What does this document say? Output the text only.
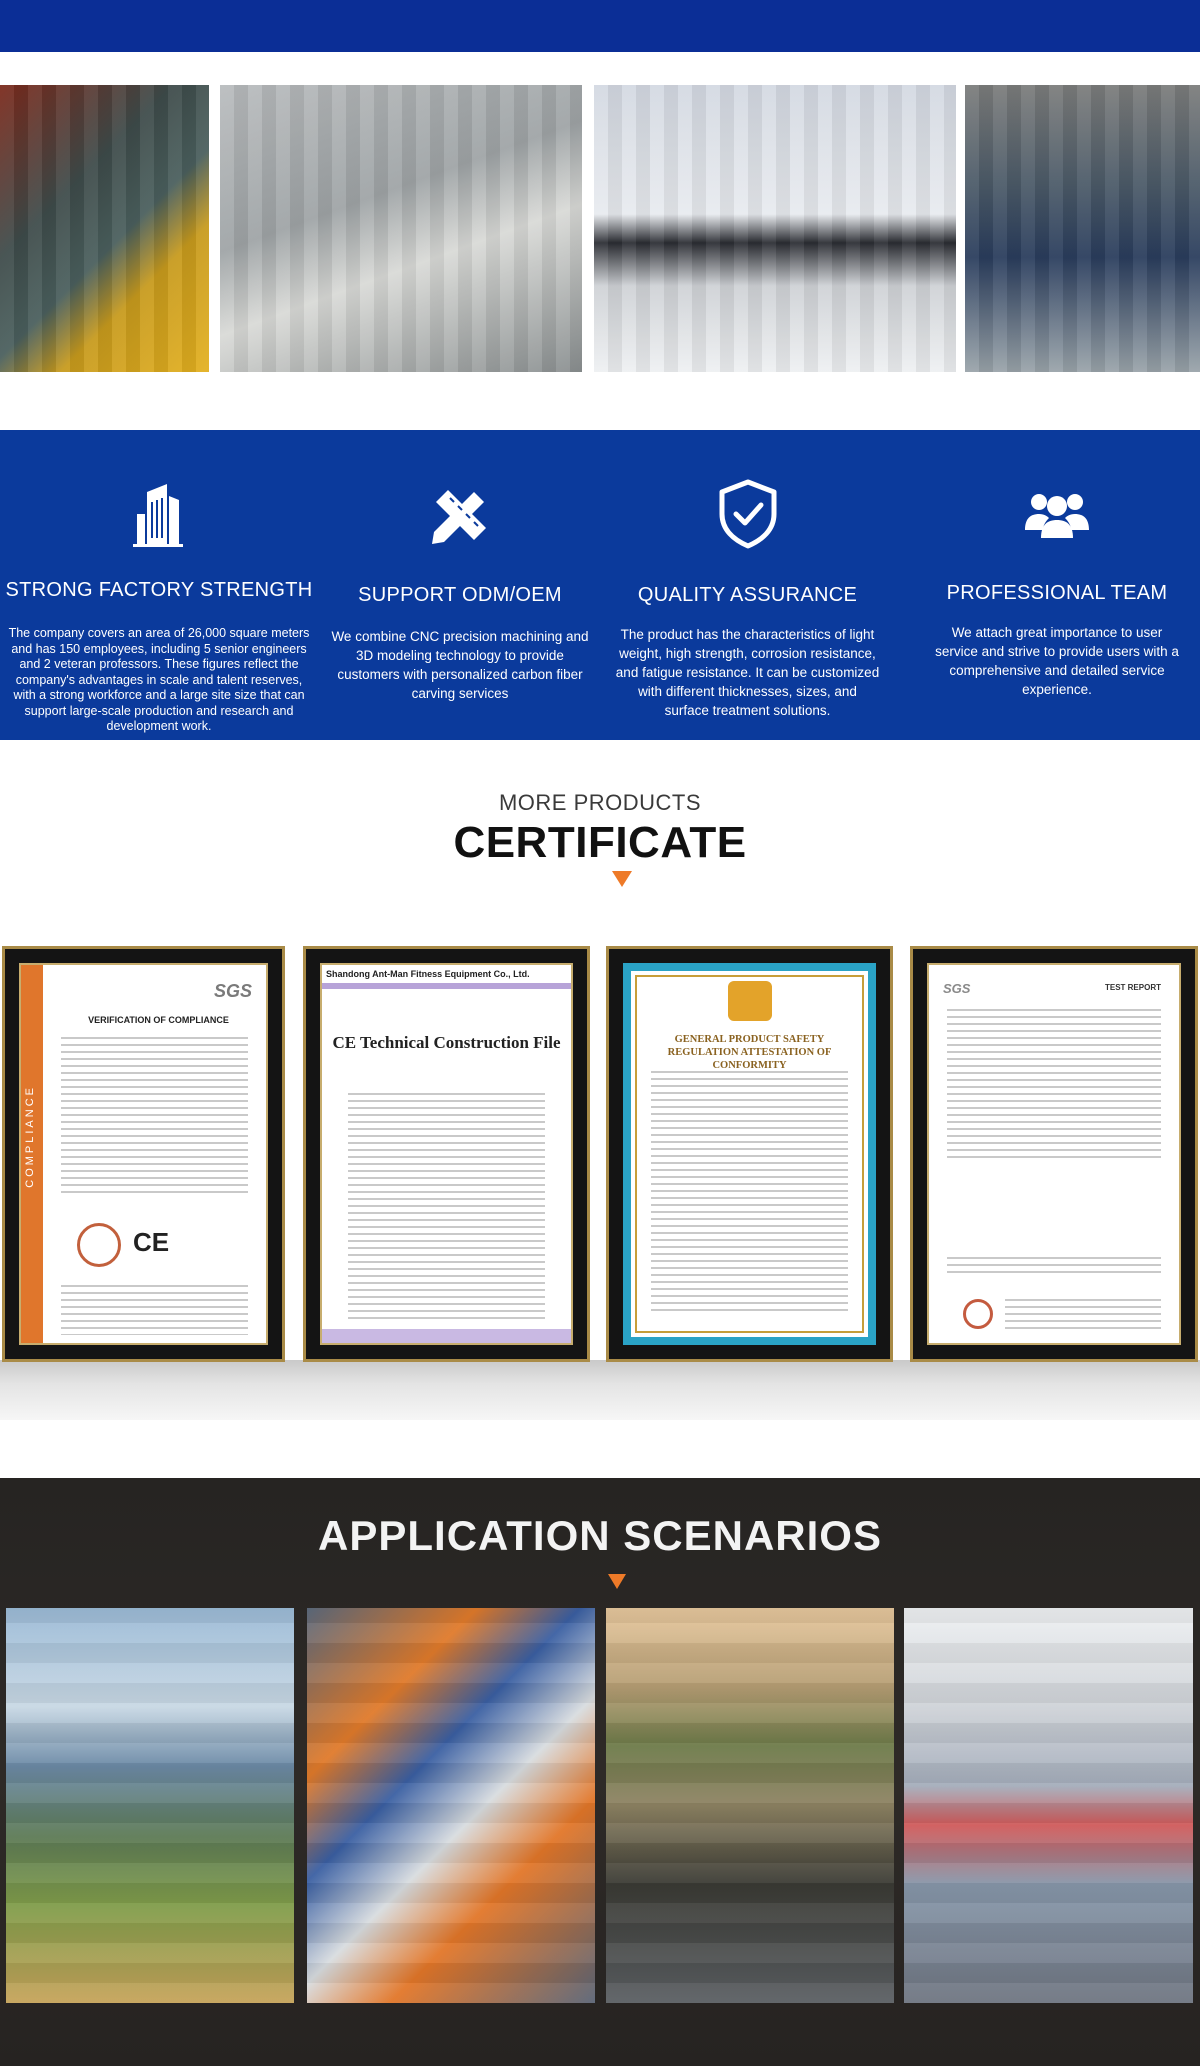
STRONG FACTORY STRENGTH
The company covers an area of 26,000 square meters and has 150 employees, including 5 senior engineers and 2 veteran professors. These figures reflect the company's advantages in scale and talent reserves, with a strong workforce and a large site size that can support large-scale production and research and development work.
SUPPORT ODM/OEM
We combine CNC precision machining and 3D modeling technology to provide customers with personalized carbon fiber carving services
QUALITY ASSURANCE
The product has the characteristics of light weight, high strength, corrosion resistance, and fatigue resistance. It can be customized with different thicknesses, sizes, and surface treatment solutions.
PROFESSIONAL TEAM
We attach great importance to user service and strive to provide users with a comprehensive and detailed service experience.
MORE PRODUCTS
CERTIFICATE
COMPLIANCE
SGS
VERIFICATION OF COMPLIANCE
CE
Shandong Ant-Man Fitness Equipment Co., Ltd.
CE Technical Construction File	GENERAL PRODUCT SAFETY REGULATION ATTESTATION OF CONFORMITY
SGS	TEST REPORT
APPLICATION SCENARIOS
